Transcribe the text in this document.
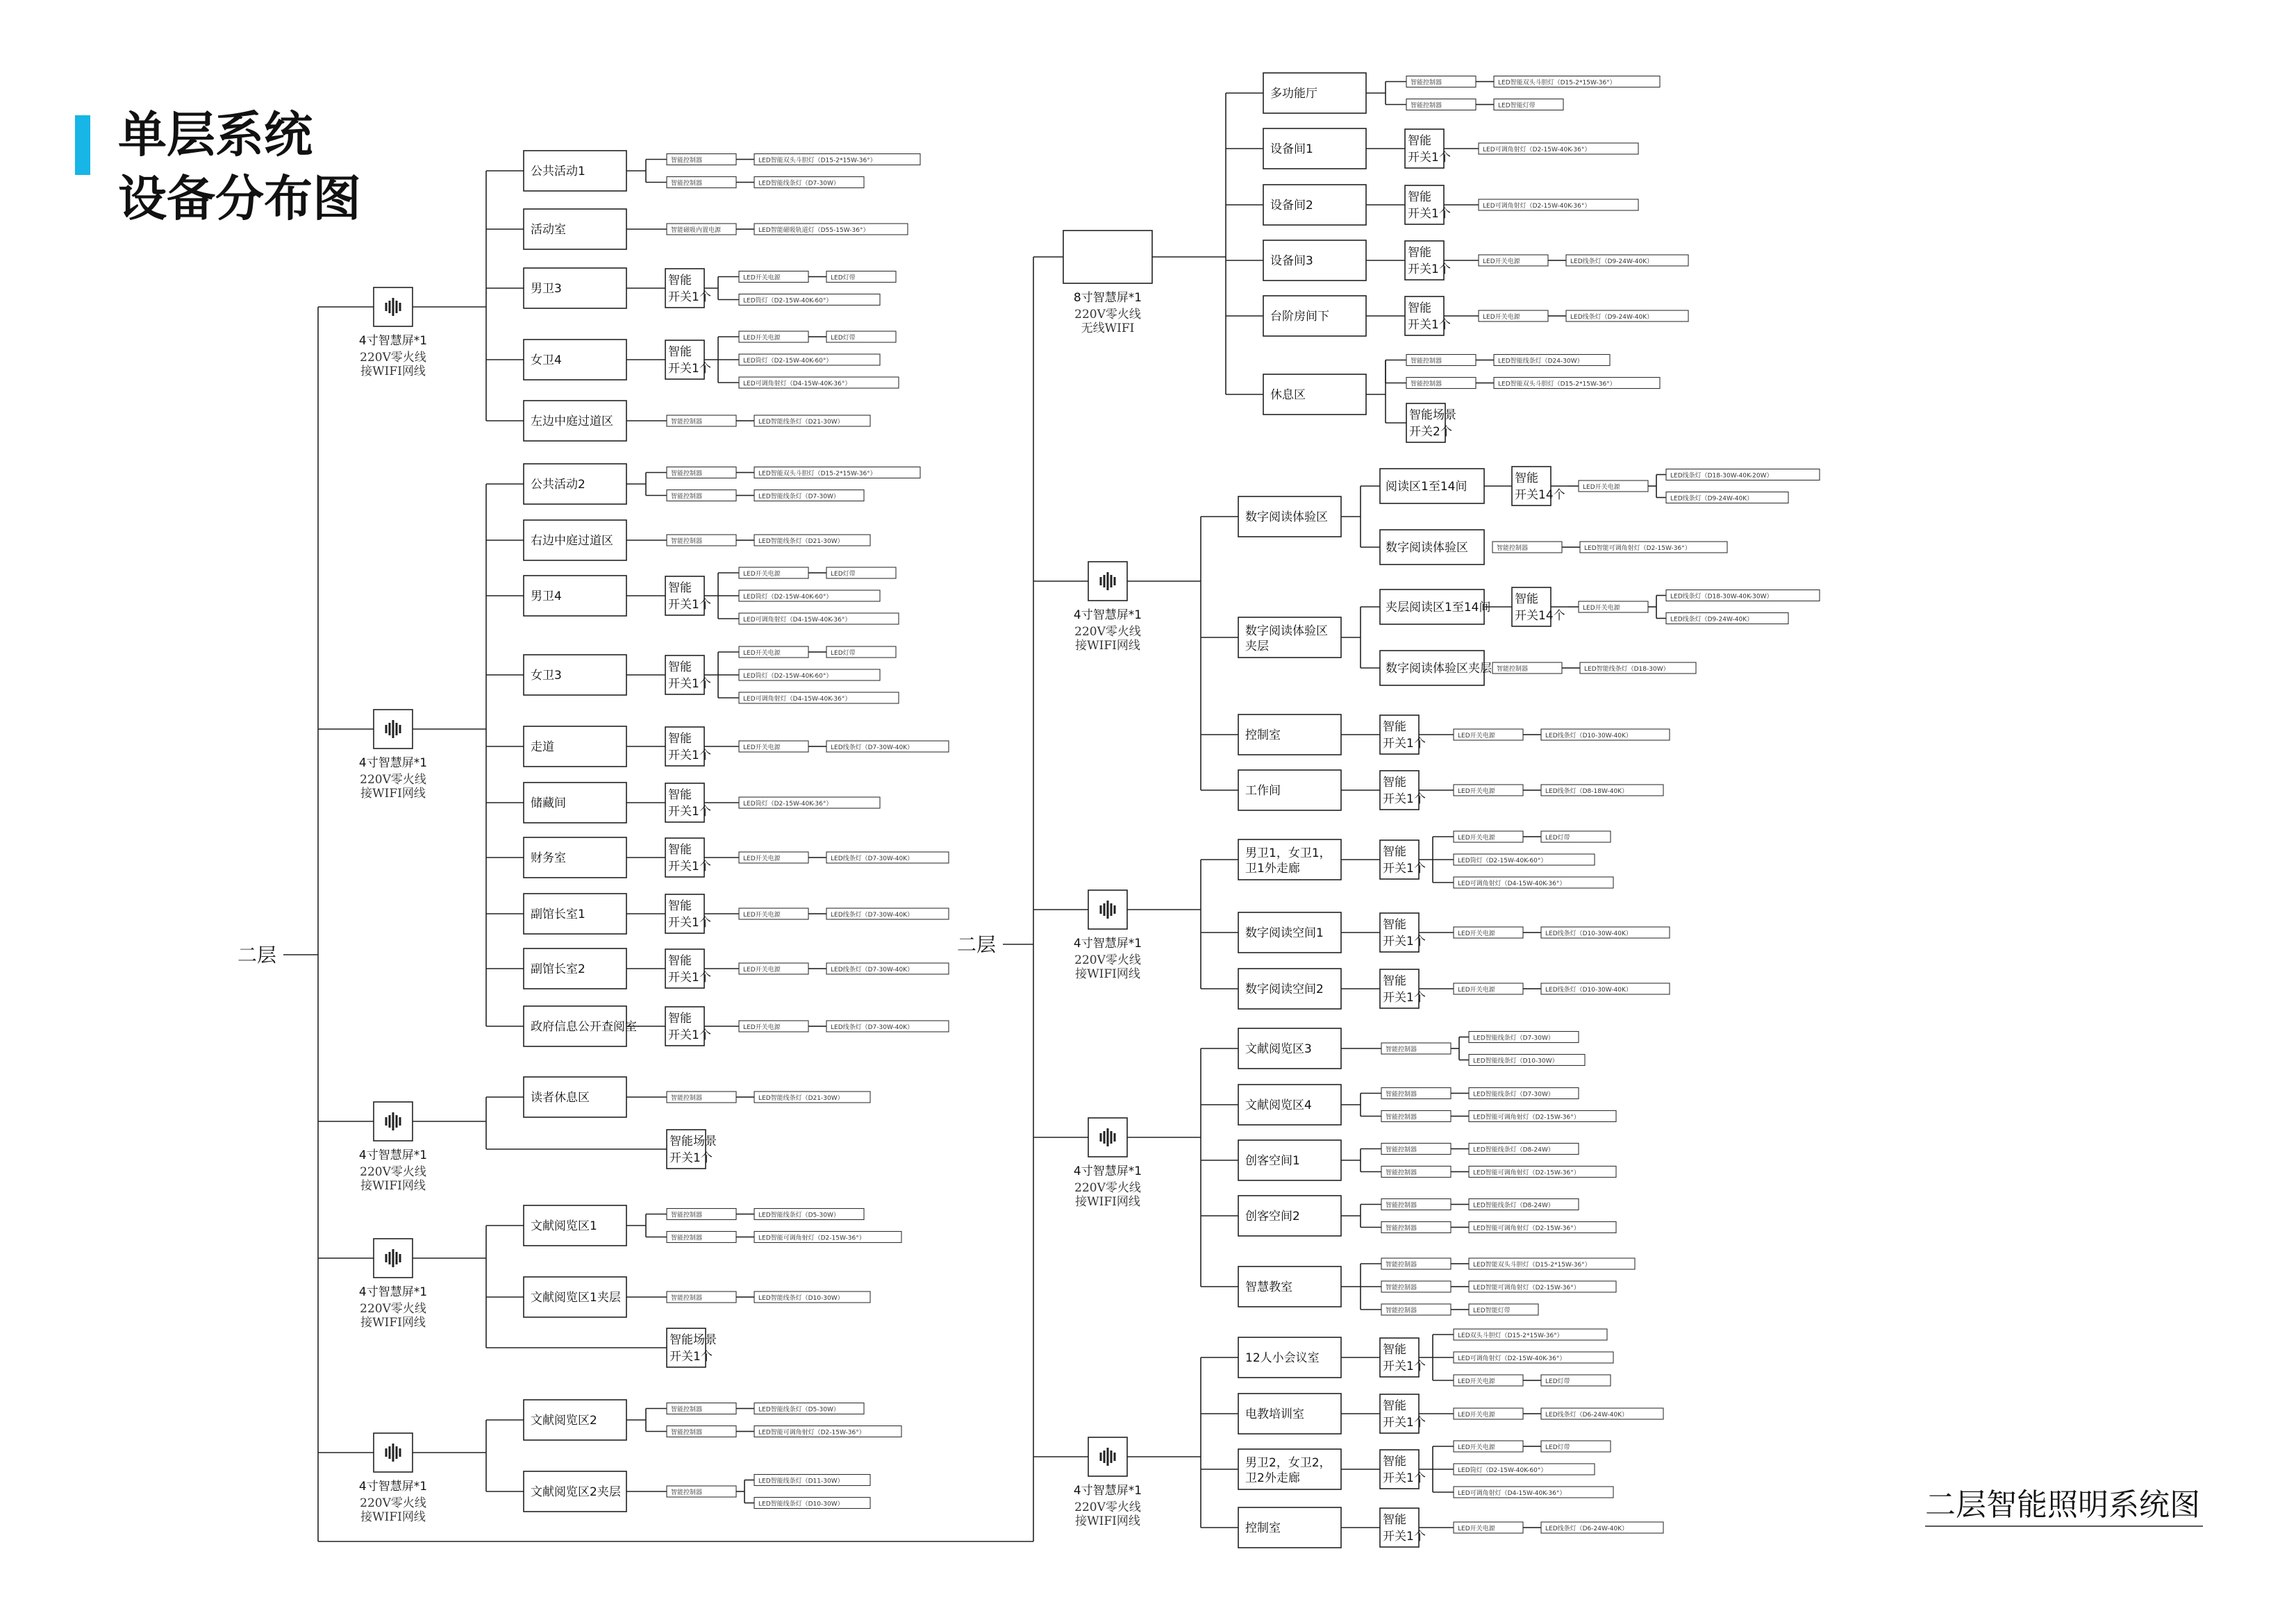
单层系统
设备分布图
二层智能照明系统图
4寸智慧屏*1
220V零火线
接WIFI网线
公共活动1
智能控制器	LED智能双头斗胆灯（D15-2*15W-36°）
智能控制器	LED智能线条灯（D7-30W）
活动室	智能磁吸内置电源	LED智能磁吸轨道灯（D55-15W-36°）
男卫3
智能
开关1个
LED开关电源	LED灯带
LED筒灯（D2-15W-40K-60°）
女卫4
智能
开关1个
LED开关电源	LED灯带
LED筒灯（D2-15W-40K-60°）
LED可调角射灯（D4-15W-40K-36°）
左边中庭过道区	智能控制器	LED智能线条灯（D21-30W）
4寸智慧屏*1
220V零火线
接WIFI网线
公共活动2
智能控制器	LED智能双头斗胆灯（D15-2*15W-36°）
智能控制器	LED智能线条灯（D7-30W）
右边中庭过道区	智能控制器	LED智能线条灯（D21-30W）
男卫4
智能
开关1个
LED开关电源	LED灯带
LED筒灯（D2-15W-40K-60°）
LED可调角射灯（D4-15W-40K-36°）
女卫3
智能
开关1个
LED开关电源	LED灯带
LED筒灯（D2-15W-40K-60°）
LED可调角射灯（D4-15W-40K-36°）
走道
智能
开关1个
LED开关电源	LED线条灯（D7-30W-40K）
储藏间
智能
开关1个
LED筒灯（D2-15W-40K-36°）
财务室
智能
开关1个
LED开关电源	LED线条灯（D7-30W-40K）
副馆长室1
智能
开关1个
LED开关电源	LED线条灯（D7-30W-40K）
副馆长室2
智能
开关1个
LED开关电源	LED线条灯（D7-30W-40K）
政府信息公开查阅室
智能
开关1个
LED开关电源	LED线条灯（D7-30W-40K）
4寸智慧屏*1
220V零火线
接WIFI网线
读者休息区	智能控制器	LED智能线条灯（D21-30W）
智能场景
开关1个
4寸智慧屏*1
220V零火线
接WIFI网线
文献阅览区1
智能控制器	LED智能线条灯（D5-30W）
智能控制器	LED智能可调角射灯（D2-15W-36°）
文献阅览区1夹层	智能控制器	LED智能线条灯（D10-30W）
智能场景
开关1个
4寸智慧屏*1
220V零火线
接WIFI网线
文献阅览区2
智能控制器	LED智能线条灯（D5-30W）
智能控制器	LED智能可调角射灯（D2-15W-36°）
文献阅览区2夹层	智能控制器
LED智能线条灯（D11-30W）
LED智能线条灯（D10-30W）
二层
8寸智慧屏*1
220V零火线
无线WIFI
多功能厅
智能控制器	LED智能双头斗胆灯（D15-2*15W-36°）
智能控制器	LED智能灯带
设备间1
智能
开关1个
LED可调角射灯（D2-15W-40K-36°）
设备间2
智能
开关1个
LED可调角射灯（D2-15W-40K-36°）
设备间3
智能
开关1个
LED开关电源	LED线条灯（D9-24W-40K）
台阶房间下
智能
开关1个
LED开关电源	LED线条灯（D9-24W-40K）
休息区
智能控制器	LED智能线条灯（D24-30W）
智能控制器	LED智能双头斗胆灯（D15-2*15W-36°）
智能场景
开关2个
4寸智慧屏*1
220V零火线
接WIFI网线
数字阅读体验区
阅读区1至14间
智能
开关14个
LED开关电源
LED线条灯（D18-30W-40K-20W）
LED线条灯（D9-24W-40K）
数字阅读体验区	智能控制器	LED智能可调角射灯（D2-15W-36°）
数字阅读体验区
夹层
夹层阅读区1至14间
智能
开关14个
LED开关电源
LED线条灯（D18-30W-40K-30W）
LED线条灯（D9-24W-40K）
数字阅读体验区夹层 智能控制器	LED智能线条灯（D18-30W）
控制室
智能
开关1个
LED开关电源	LED线条灯（D10-30W-40K）
工作间
智能
开关1个
LED开关电源	LED线条灯（D8-18W-40K）
4寸智慧屏*1
220V零火线
接WIFI网线
男卫1，女卫1，
卫1外走廊
智能
开关1个
LED开关电源	LED灯带
LED筒灯（D2-15W-40K-60°）
LED可调角射灯（D4-15W-40K-36°）
数字阅读空间1
智能
开关1个
LED开关电源	LED线条灯（D10-30W-40K）
数字阅读空间2
智能
开关1个
LED开关电源	LED线条灯（D10-30W-40K）
4寸智慧屏*1
220V零火线
接WIFI网线
文献阅览区3	智能控制器
LED智能线条灯（D7-30W）
LED智能线条灯（D10-30W）
文献阅览区4
智能控制器	LED智能线条灯（D7-30W）
智能控制器	LED智能可调角射灯（D2-15W-36°）
创客空间1
智能控制器	LED智能线条灯（D8-24W）
智能控制器	LED智能可调角射灯（D2-15W-36°）
创客空间2
智能控制器	LED智能线条灯（D8-24W）
智能控制器	LED智能可调角射灯（D2-15W-36°）
智慧教室
智能控制器	LED智能双头斗胆灯（D15-2*15W-36°）
智能控制器	LED智能可调角射灯（D2-15W-36°）
智能控制器	LED智能灯带
4寸智慧屏*1
220V零火线
接WIFI网线
12人小会议室
智能
开关1个
LED双头斗胆灯（D15-2*15W-36°）
LED可调角射灯（D2-15W-40K-36°）
LED开关电源	LED灯带
电教培训室
智能
开关1个
LED开关电源	LED线条灯（D6-24W-40K）
男卫2，女卫2，
卫2外走廊
智能
开关1个
LED开关电源	LED灯带
LED筒灯（D2-15W-40K-60°）
LED可调角射灯（D4-15W-40K-36°）
控制室
智能
开关1个
LED开关电源	LED线条灯（D6-24W-40K）
二层
